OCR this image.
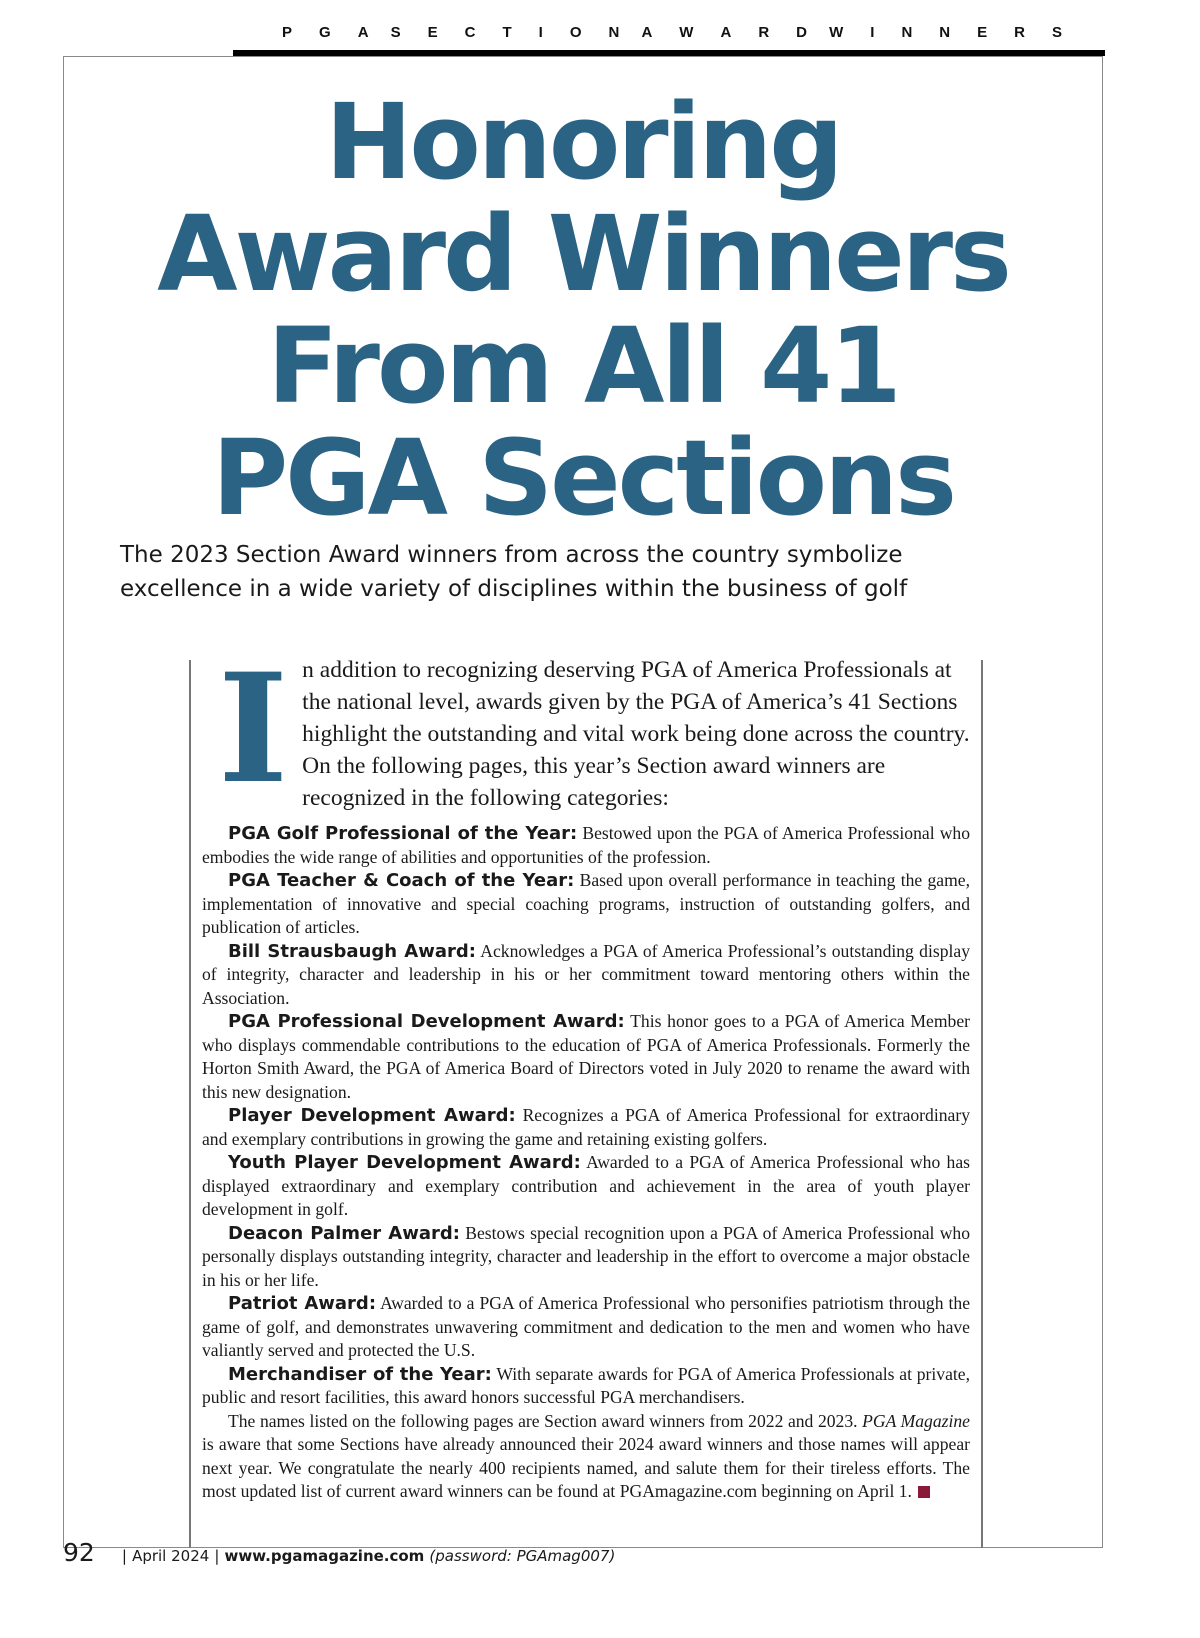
P G A S E C T I O N A W A R D W I N N E R S
Honoring
Award Winners
From All 41
PGA Sections

The 2023 Section Award winners from across the country symbolize
excellence in a wide variety of disciplines within the business of golf

In addition to recognizing deserving PGA of America Professionals at the national level, awards given by the PGA of America’s 41 Sections highlight the outstanding and vital work being done across the country. On the following pages, this year’s Section award winners are recognized in the following categories:

PGA Golf Professional of the Year: Bestowed upon the PGA of America Professional who embodies the wide range of abilities and opportunities of the profession.

PGA Teacher & Coach of the Year: Based upon overall performance in teaching the game, implementation of innovative and special coaching programs, instruction of outstanding golfers, and publication of articles.

Bill Strausbaugh Award: Acknowledges a PGA of America Professional’s outstanding display of integrity, character and leadership in his or her commitment toward mentoring others within the Association.

PGA Professional Development Award: This honor goes to a PGA of America Member who displays commendable contributions to the education of PGA of America Professionals. Formerly the Horton Smith Award, the PGA of America Board of Directors voted in July 2020 to rename the award with this new designation.

Player Development Award: Recognizes a PGA of America Professional for extraordinary and exemplary contributions in growing the game and retaining existing golfers.

Youth Player Development Award: Awarded to a PGA of America Professional who has displayed extraordinary and exemplary contribution and achievement in the area of youth player development in golf.

Deacon Palmer Award: Bestows special recognition upon a PGA of America Professional who personally displays outstanding integrity, character and leadership in the effort to overcome a major obstacle in his or her life.

Patriot Award: Awarded to a PGA of America Professional who personifies patriotism through the game of golf, and demonstrates unwavering commitment and dedication to the men and women who have valiantly served and protected the U.S.

Merchandiser of the Year: With separate awards for PGA of America Professionals at private, public and resort facilities, this award honors successful PGA merchandisers.

The names listed on the following pages are Section award winners from 2022 and 2023. PGA Magazine is aware that some Sections have already announced their 2024 award winners and those names will appear next year. We congratulate the nearly 400 recipients named, and salute them for their tireless efforts. The most updated list of current award winners can be found at PGAmagazine.com beginning on April 1.

92 | April 2024 | www.pgamagazine.com (password: PGAmag007)
